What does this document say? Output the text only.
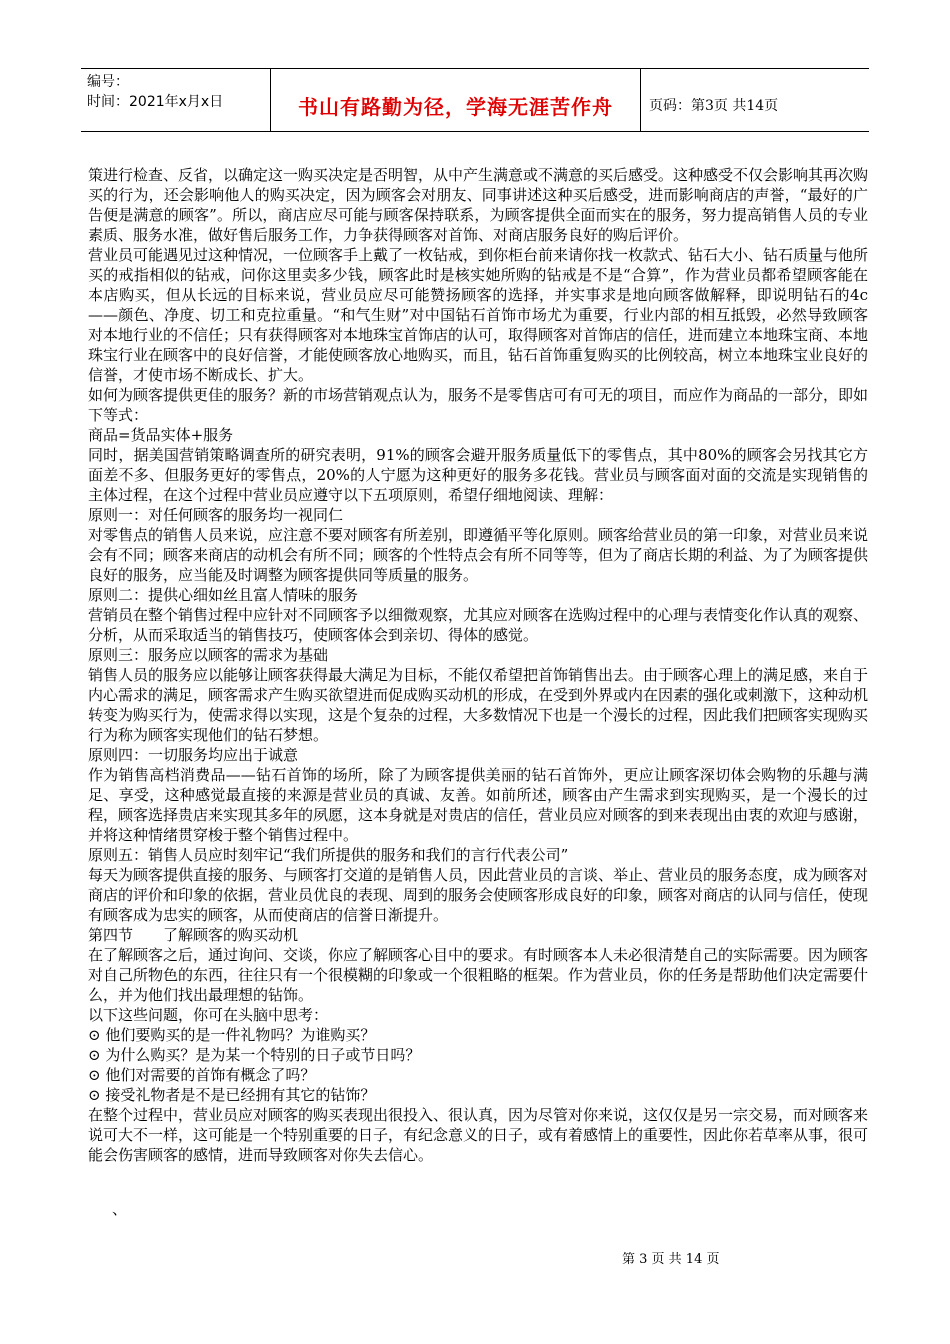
编号：
时间：2021年x月x日	书山有路勤为径，学海无涯苦作舟	页码：第3页 共14页

策进行检查、反省，以确定这一购买决定是否明智，从中产生满意或不满意的买后感受。这种感受不仅会影响其再次购买的行为，还会影响他人的购买决定，因为顾客会对朋友、同事讲述这种买后感受，进而影响商店的声誉，“最好的广告便是满意的顾客”。所以，商店应尽可能与顾客保持联系，为顾客提供全面而实在的服务，努力提高销售人员的专业素质、服务水准，做好售后服务工作，力争获得顾客对首饰、对商店服务良好的购后评价。

营业员可能遇见过这种情况，一位顾客手上戴了一枚钻戒，到你柜台前来请你找一枚款式、钻石大小、钻石质量与他所买的戒指相似的钻戒，问你这里卖多少钱，顾客此时是核实她所购的钻戒是不是“合算”，作为营业员都希望顾客能在本店购买，但从长远的目标来说，营业员应尽可能赞扬顾客的选择，并实事求是地向顾客做解释，即说明钻石的4c——颜色、净度、切工和克拉重量。“和气生财”对中国钻石首饰市场尤为重要，行业内部的相互抵毁，必然导致顾客对本地行业的不信任；只有获得顾客对本地珠宝首饰店的认可，取得顾客对首饰店的信任，进而建立本地珠宝商、本地珠宝行业在顾客中的良好信誉，才能使顾客放心地购买，而且，钻石首饰重复购买的比例较高，树立本地珠宝业良好的信誉，才使市场不断成长、扩大。

如何为顾客提供更佳的服务？新的市场营销观点认为，服务不是零售店可有可无的项目，而应作为商品的一部分，即如下等式：

商品=货品实体+服务

同时，据美国营销策略调查所的研究表明，91%的顾客会避开服务质量低下的零售点，其中80%的顾客会另找其它方面差不多、但服务更好的零售点，20%的人宁愿为这种更好的服务多花钱。营业员与顾客面对面的交流是实现销售的主体过程，在这个过程中营业员应遵守以下五项原则，希望仔细地阅读、理解：

原则一：对任何顾客的服务均一视同仁

对零售点的销售人员来说，应注意不要对顾客有所差别，即遵循平等化原则。顾客给营业员的第一印象，对营业员来说会有不同；顾客来商店的动机会有所不同；顾客的个性特点会有所不同等等，但为了商店长期的利益、为了为顾客提供良好的服务，应当能及时调整为顾客提供同等质量的服务。

原则二：提供心细如丝且富人情味的服务

营销员在整个销售过程中应针对不同顾客予以细微观察，尤其应对顾客在选购过程中的心理与表情变化作认真的观察、分析，从而采取适当的销售技巧，使顾客体会到亲切、得体的感觉。

原则三：服务应以顾客的需求为基础

销售人员的服务应以能够让顾客获得最大满足为目标，不能仅希望把首饰销售出去。由于顾客心理上的满足感，来自于内心需求的满足，顾客需求产生购买欲望进而促成购买动机的形成，在受到外界或内在因素的强化或刺激下，这种动机转变为购买行为，使需求得以实现，这是个复杂的过程，大多数情况下也是一个漫长的过程，因此我们把顾客实现购买行为称为顾客实现他们的钻石梦想。

原则四：一切服务均应出于诚意

作为销售高档消费品——钻石首饰的场所，除了为顾客提供美丽的钻石首饰外，更应让顾客深切体会购物的乐趣与满足、享受，这种感觉最直接的来源是营业员的真诚、友善。如前所述，顾客由产生需求到实现购买，是一个漫长的过程，顾客选择贵店来实现其多年的夙愿，这本身就是对贵店的信任，营业员应对顾客的到来表现出由衷的欢迎与感谢，并将这种情绪贯穿梭于整个销售过程中。

原则五：销售人员应时刻牢记“我们所提供的服务和我们的言行代表公司”

每天为顾客提供直接的服务、与顾客打交道的是销售人员，因此营业员的言谈、举止、营业员的服务态度，成为顾客对商店的评价和印象的依据，营业员优良的表现、周到的服务会使顾客形成良好的印象，顾客对商店的认同与信任，使现有顾客成为忠实的顾客，从而使商店的信誉日渐提升。

第四节　　了解顾客的购买动机

在了解顾客之后，通过询问、交谈，你应了解顾客心目中的要求。有时顾客本人未必很清楚自己的实际需要。因为顾客对自己所物色的东西，往往只有一个很模糊的印象或一个很粗略的框架。作为营业员，你的任务是帮助他们决定需要什么，并为他们找出最理想的钻饰。

以下这些问题，你可在头脑中思考：

⊙ 他们要购买的是一件礼物吗？为谁购买？

⊙ 为什么购买？是为某一个特别的日子或节日吗？

⊙ 他们对需要的首饰有概念了吗？

⊙ 接受礼物者是不是已经拥有其它的钻饰？

在整个过程中，营业员应对顾客的购买表现出很投入、很认真，因为尽管对你来说，这仅仅是另一宗交易，而对顾客来说可大不一样，这可能是一个特别重要的日子，有纪念意义的日子，或有着感情上的重要性，因此你若草率从事，很可能会伤害顾客的感情，进而导致顾客对你失去信心。

、
第 3 页 共 14 页
